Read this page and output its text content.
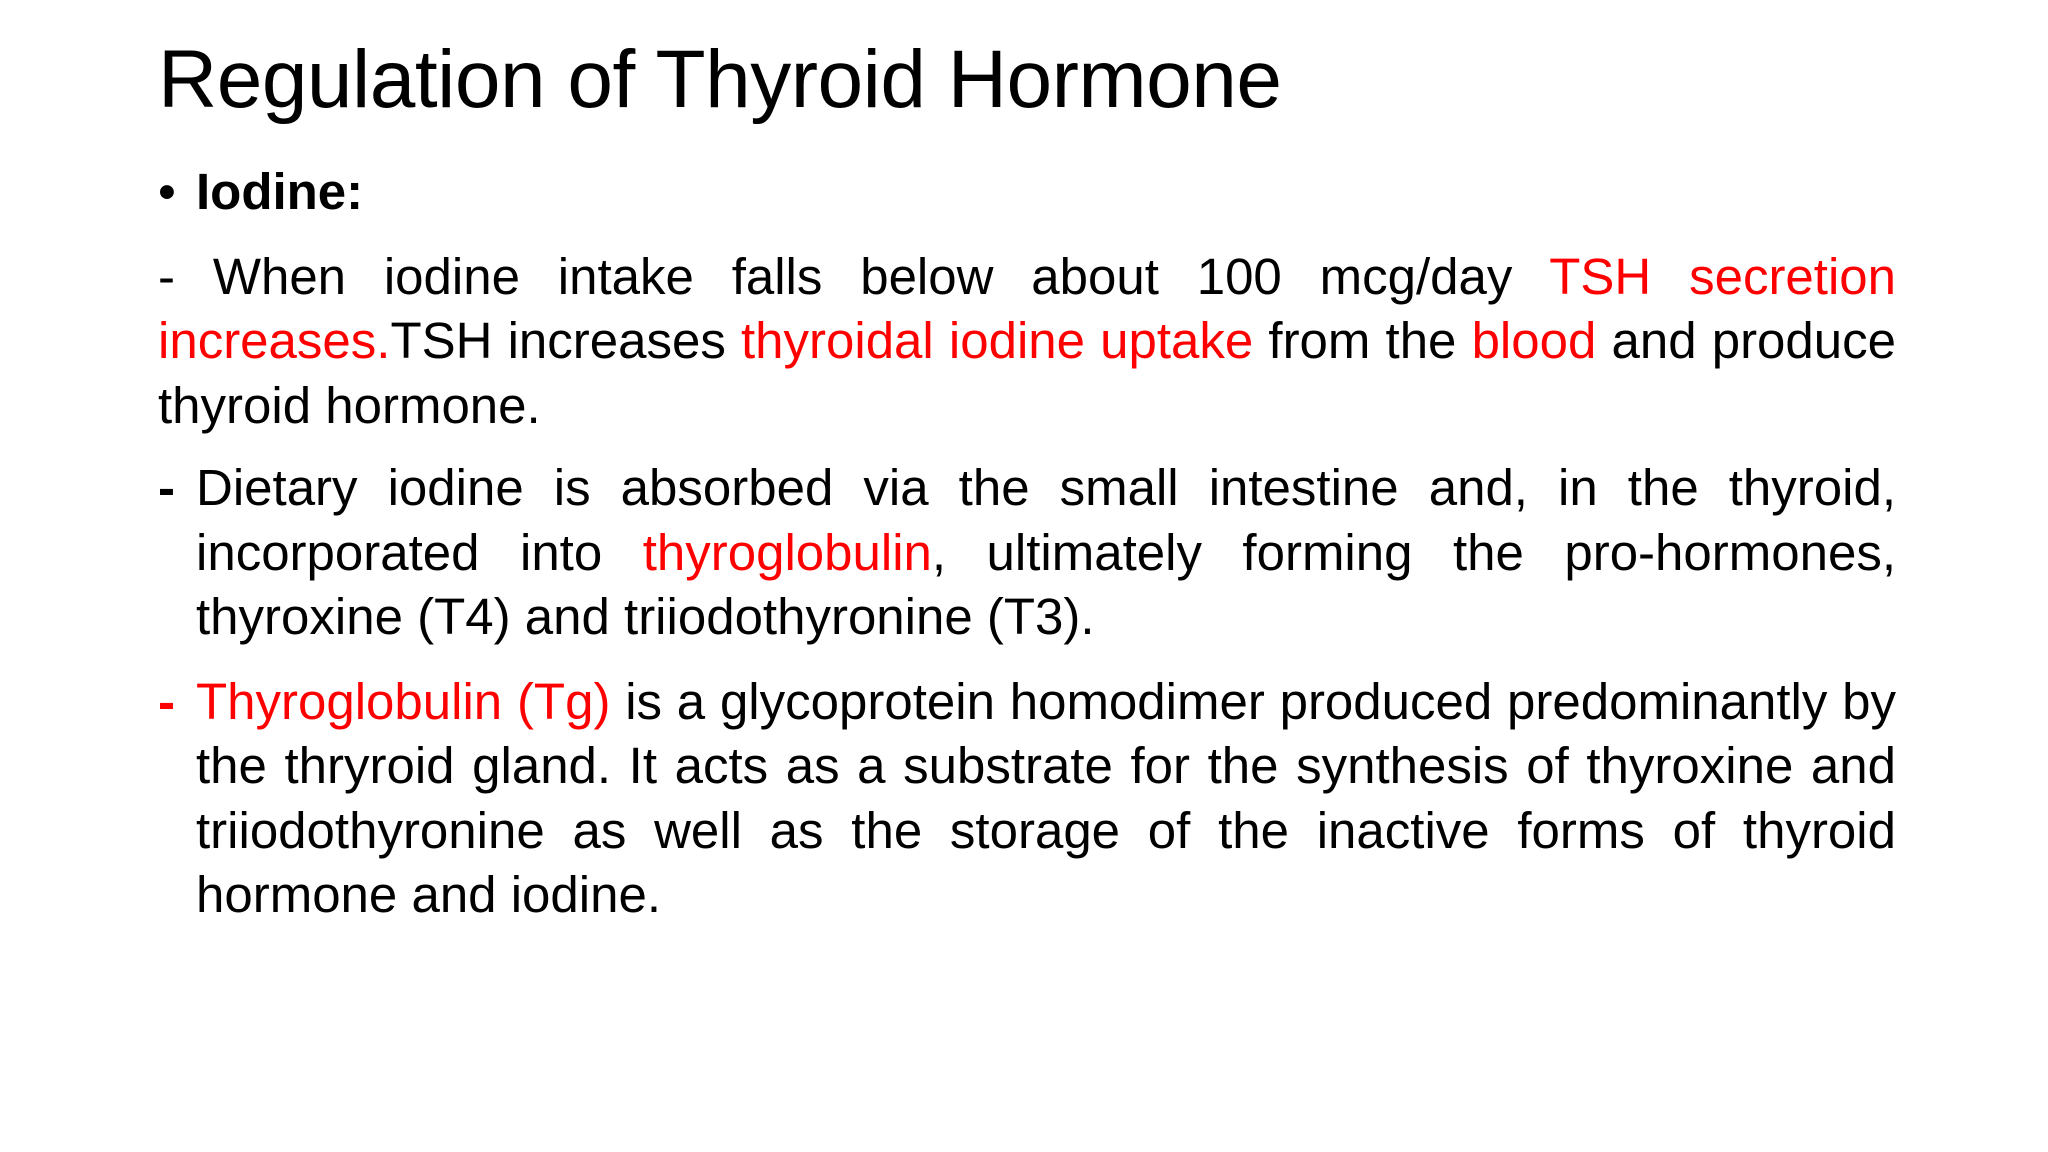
Regulation of Thyroid Hormone
• Iodine:
- When iodine intake falls below about 100 mcg/day TSH secretion increases.TSH increases thyroidal iodine uptake from the blood and produce thyroid hormone.
- Dietary iodine is absorbed via the small intestine and, in the thyroid, incorporated into thyroglobulin, ultimately forming the pro-hormones, thyroxine (T4) and triiodothyronine (T3).
- Thyroglobulin (Tg) is a glycoprotein homodimer produced predominantly by the thryroid gland. It acts as a substrate for the synthesis of thyroxine and triiodothyronine as well as the storage of the inactive forms of thyroid hormone and iodine.
